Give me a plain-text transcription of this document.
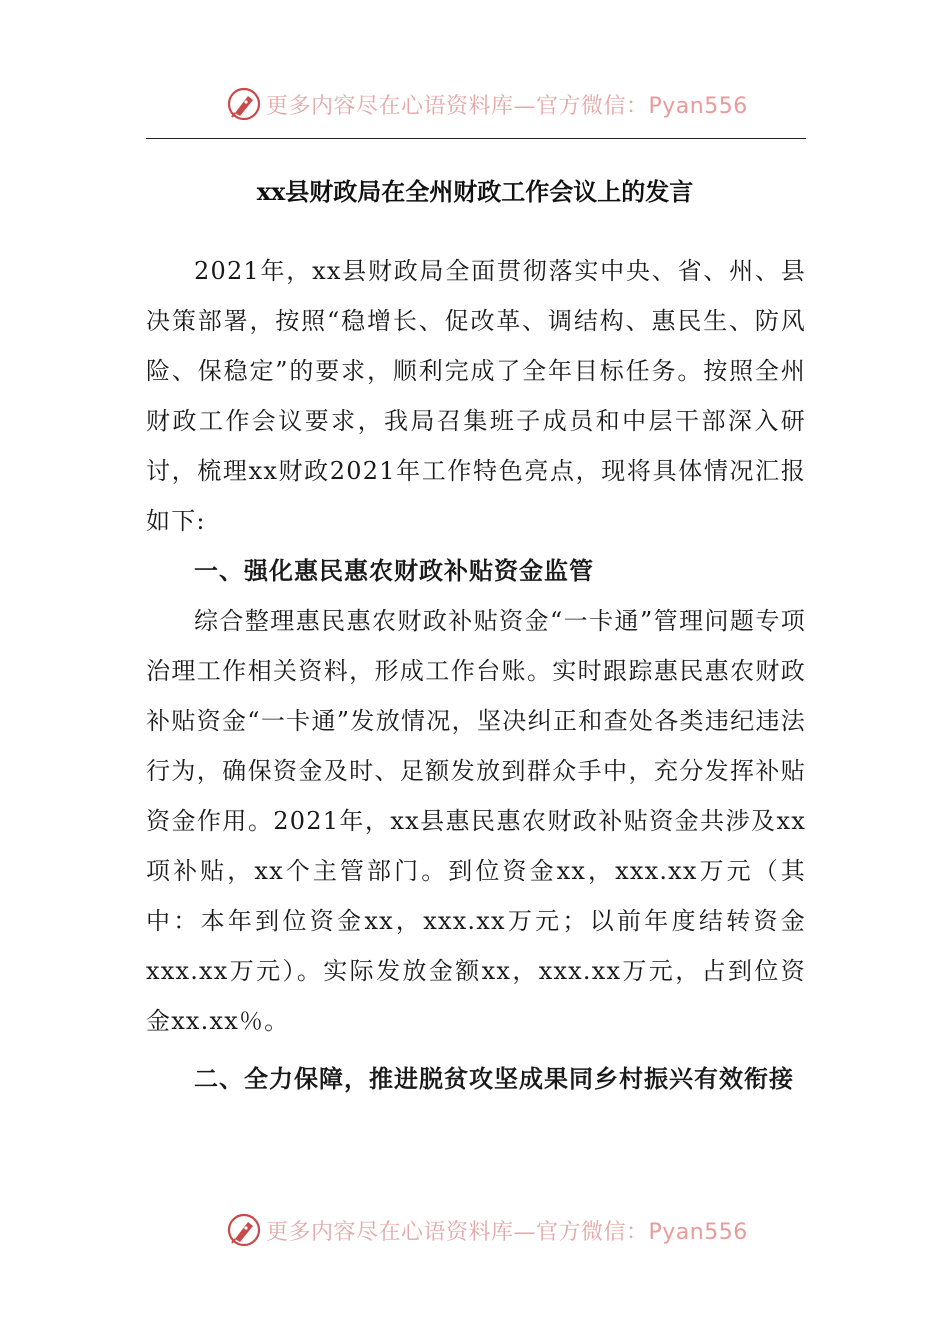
更多内容尽在心语资料库—官方微信：Pyan556
xx县财政局在全州财政工作会议上的发言

2021年，xx县财政局全面贯彻落实中央、省、州、县决策部署，按照“稳增长、促改革、调结构、惠民生、防风险、保稳定”的要求，顺利完成了全年目标任务。按照全州财政工作会议要求，我局召集班子成员和中层干部深入研讨，梳理xx财政2021年工作特色亮点，现将具体情况汇报如下:

一、强化惠民惠农财政补贴资金监管

综合整理惠民惠农财政补贴资金“一卡通”管理问题专项治理工作相关资料，形成工作台账。实时跟踪惠民惠农财政补贴资金“一卡通”发放情况，坚决纠正和查处各类违纪违法行为，确保资金及时、足额发放到群众手中，充分发挥补贴资金作用。2021年，xx县惠民惠农财政补贴资金共涉及xx项补贴，xx个主管部门。到位资金xx，xxx.xx万元（其中：本年到位资金xx，xxx.xx万元；以前年度结转资金xxx.xx万元）。实际发放金额xx，xxx.xx万元，占到位资金xx.xx％。

二、全力保障，推进脱贫攻坚成果同乡村振兴有效衔接

更多内容尽在心语资料库—官方微信：Pyan556
